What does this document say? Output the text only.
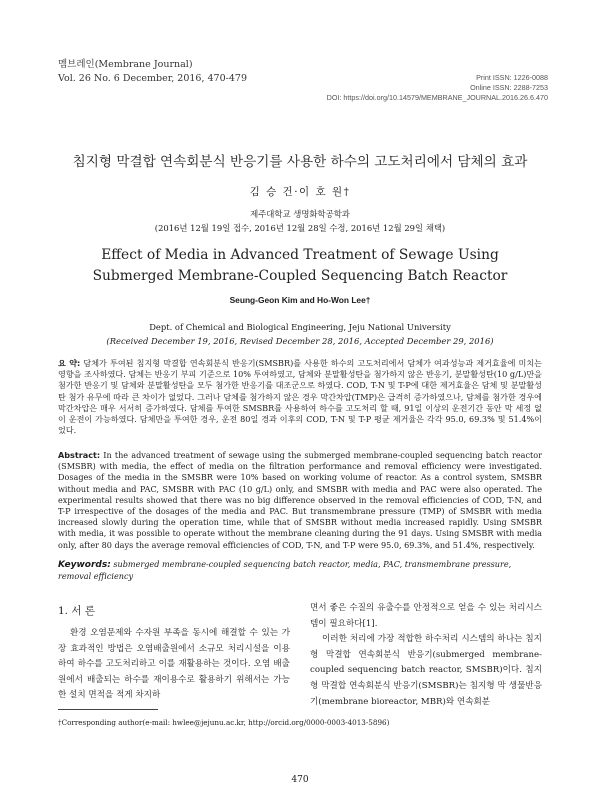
멤브레인(Membrane Journal)
Vol. 26 No. 6 December, 2016, 470-479	Print ISSN: 1226-0088
Online ISSN: 2288-7253
DOI: https://doi.org/10.14579/MEMBRANE_JOURNAL.2016.26.6.470
침지형 막결합 연속회분식 반응기를 사용한 하수의 고도처리에서 담체의 효과
김 승 건·이 호 원†
제주대학교 생명화학공학과
(2016년 12월 19일 접수, 2016년 12월 28일 수정, 2016년 12월 29일 채택)
Effect of Media in Advanced Treatment of Sewage Using
Submerged Membrane-Coupled Sequencing Batch Reactor
Seung-Geon Kim and Ho-Won Lee†
Dept. of Chemical and Biological Engineering, Jeju National University
(Received December 19, 2016, Revised December 28, 2016, Accepted December 29, 2016)
요 약: 담체가 투여된 침지형 막결합 연속회분식 반응기(SMSBR)를 사용한 하수의 고도처리에서 담체가 여과성능과 제거효율에 미치는 영향을 조사하였다. 담체는 반응기 부피 기준으로 10% 투여하였고, 담체와 분말활성탄을 첨가하지 않은 반응기, 분말활성탄(10 g/L)만을 첨가한 반응기 및 담체와 분말활성탄을 모두 첨가한 반응기를 대조군으로 하였다. COD, T-N 및 T-P에 대한 제거효율은 담체 및 분말활성탄 첨가 유무에 따라 큰 차이가 없었다. 그러나 담체를 첨가하지 않은 경우 막간차압(TMP)은 급격히 증가하였으나, 담체를 첨가한 경우에 막간차압은 매우 서서히 증가하였다. 담체를 투여한 SMSBR를 사용하여 하수를 고도처리 할 때, 91일 이상의 운전기간 동안 막 세정 없이 운전이 가능하였다. 담체만을 투여한 경우, 운전 80일 경과 이후의 COD, T-N 및 T-P 평균 제거율은 각각 95.0, 69.3% 및 51.4%이었다.
Abstract: In the advanced treatment of sewage using the submerged membrane-coupled sequencing batch reactor (SMSBR) with media, the effect of media on the filtration performance and removal efficiency were investigated. Dosages of the media in the SMSBR were 10% based on working volume of reactor. As a control system, SMSBR without media and PAC, SMSBR with PAC (10 g/L) only, and SMSBR with media and PAC were also operated. The experimental results showed that there was no big difference observed in the removal efficiencies of COD, T-N, and T-P irrespective of the dosages of the media and PAC. But transmembrane pressure (TMP) of SMSBR with media increased slowly during the operation time, while that of SMSBR without media increased rapidly. Using SMSBR with media, it was possible to operate without the membrane cleaning during the 91 days. Using SMSBR with media only, after 80 days the average removal efficiencies of COD, T-N, and T-P were 95.0, 69.3%, and 51.4%, respectively.
Keywords: submerged membrane-coupled sequencing batch reactor, media, PAC, transmembrane pressure, removal efficiency
1. 서 론
환경 오염문제와 수자원 부족을 동시에 해결할 수 있는 가장 효과적인 방법은 오염배출원에서 소규모 처리시설을 이용하여 하수를 고도처리하고 이를 재활용하는 것이다. 오염 배출원에서 배출되는 하수를 재이용수로 활용하기 위해서는 가능한 설치 면적을 적게 차지하
면서 좋은 수질의 유출수를 안정적으로 얻을 수 있는 처리시스템이 필요하다[1].
이러한 처리에 가장 적합한 하수처리 시스템의 하나는 침지형 막결합 연속회분식 반응기(submerged membrane-coupled sequencing batch reactor, SMSBR)이다. 침지형 막결합 연속회분식 반응기(SMSBR)는 침지형 막 생물반응기(membrane bioreactor, MBR)와 연속회분
†Corresponding author(e-mail: hwlee@jejunu.ac.kr, http://orcid.org/0000-0003-4013-5896)
470
